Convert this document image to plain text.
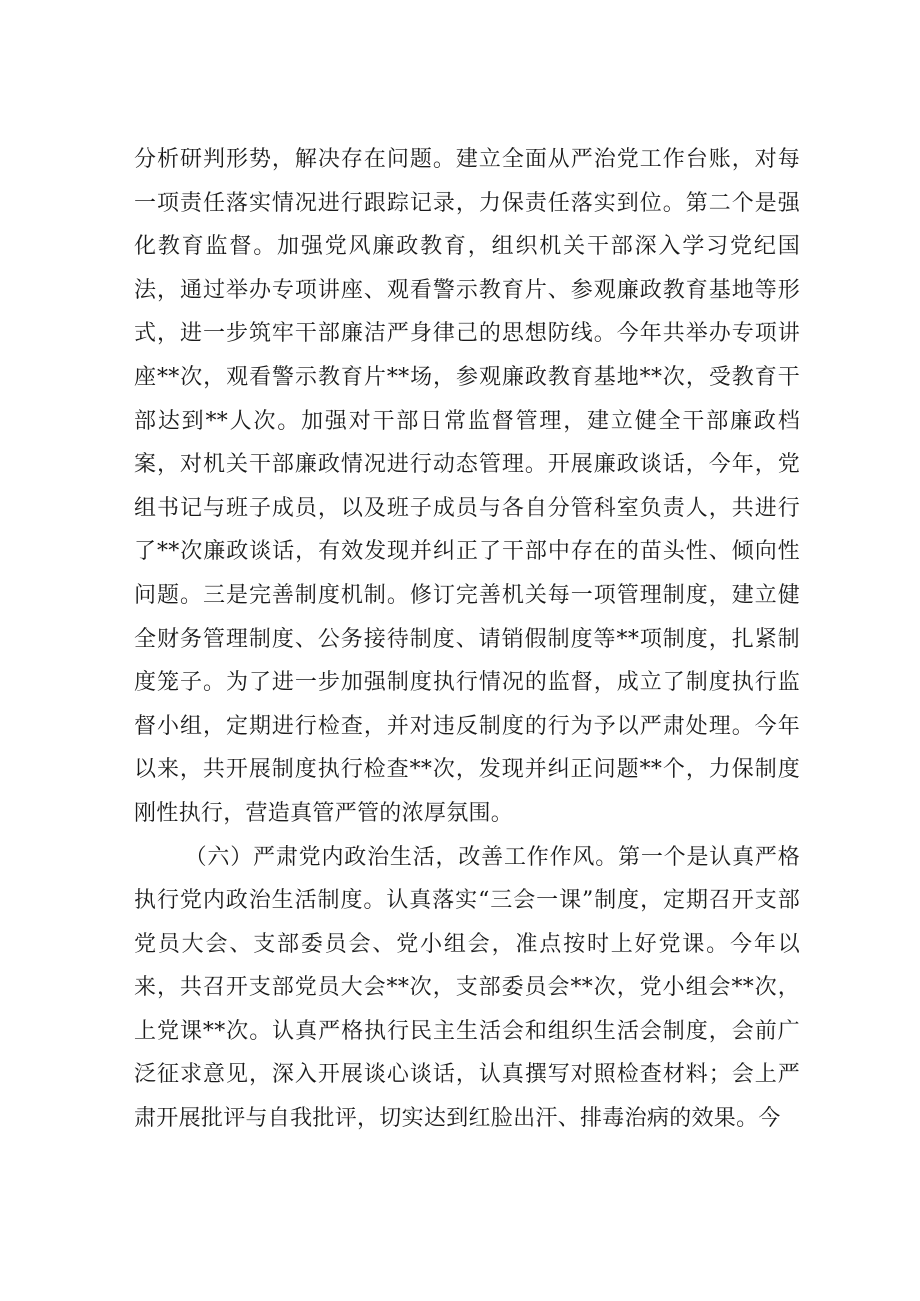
分析研判形势，解决存在问题。建立全面从严治党工作台账，对每一项责任落实情况进行跟踪记录，力保责任落实到位。第二个是强化教育监督。加强党风廉政教育，组织机关干部深入学习党纪国法，通过举办专项讲座、观看警示教育片、参观廉政教育基地等形式，进一步筑牢干部廉洁严身律己的思想防线。今年共举办专项讲座**次，观看警示教育片**场，参观廉政教育基地**次，受教育干部达到**人次。加强对干部日常监督管理，建立健全干部廉政档案，对机关干部廉政情况进行动态管理。开展廉政谈话，今年，党组书记与班子成员，以及班子成员与各自分管科室负责人，共进行了**次廉政谈话，有效发现并纠正了干部中存在的苗头性、倾向性问题。三是完善制度机制。修订完善机关每一项管理制度，建立健全财务管理制度、公务接待制度、请销假制度等**项制度，扎紧制度笼子。为了进一步加强制度执行情况的监督，成立了制度执行监督小组，定期进行检查，并对违反制度的行为予以严肃处理。今年以来，共开展制度执行检查**次，发现并纠正问题**个，力保制度刚性执行，营造真管严管的浓厚氛围。

（六）严肃党内政治生活，改善工作作风。第一个是认真严格执行党内政治生活制度。认真落实“三会一课”制度，定期召开支部党员大会、支部委员会、党小组会，准点按时上好党课。今年以来，共召开支部党员大会**次，支部委员会**次，党小组会**次，上党课**次。认真严格执行民主生活会和组织生活会制度，会前广泛征求意见，深入开展谈心谈话，认真撰写对照检查材料；会上严肃开展批评与自我批评，切实达到红脸出汗、排毒治病的效果。今
